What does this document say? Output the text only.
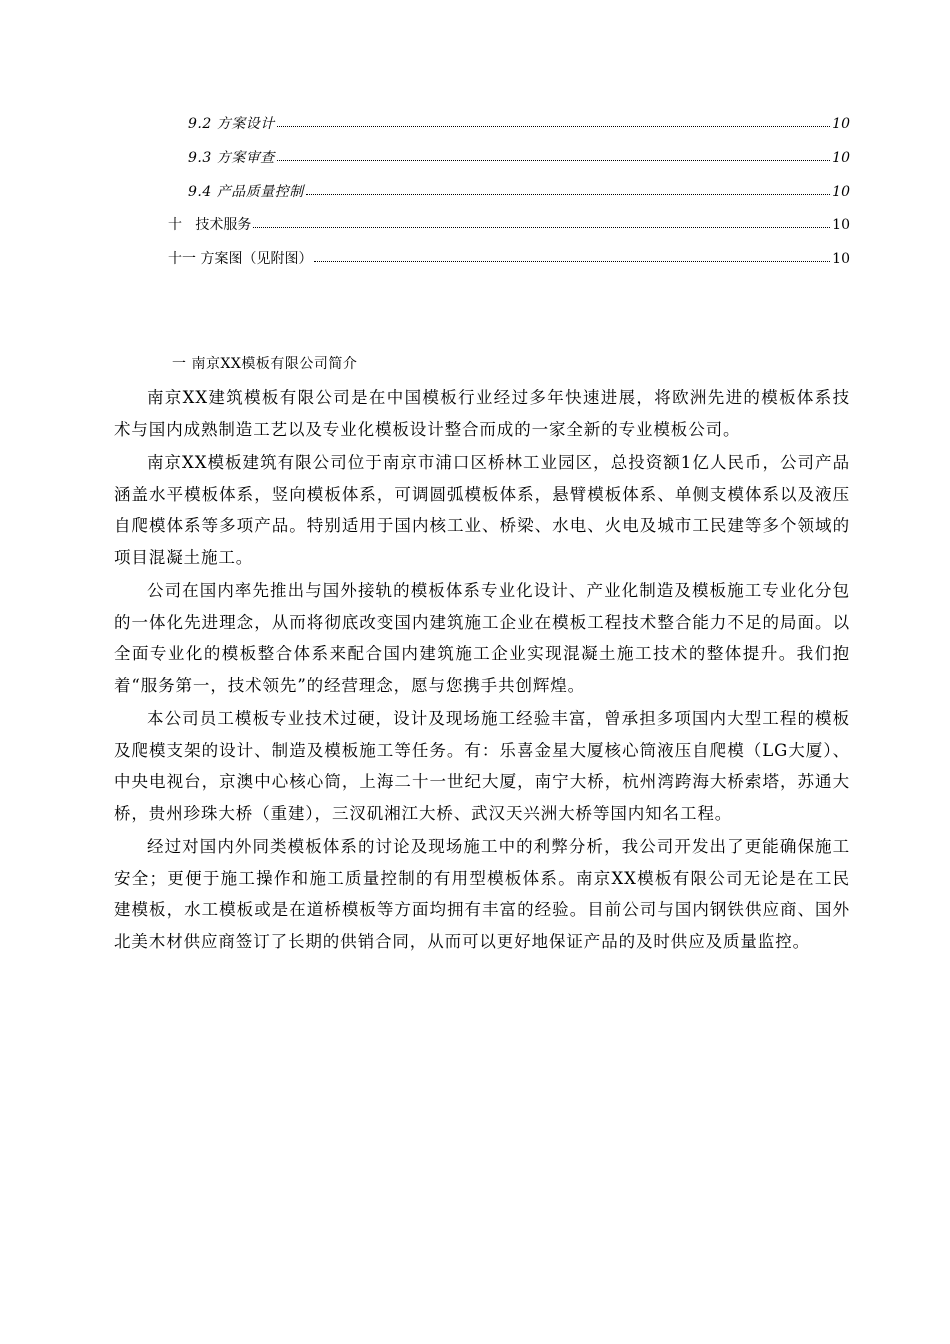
9.2 方案设计	10
9.3 方案审查	10
9.4 产品质量控制	10
十   技术服务	10
十一 方案图（见附图）	10
一 南京XX模板有限公司简介

南京XX建筑模板有限公司是在中国模板行业经过多年快速进展，将欧洲先进的模板体系技术与国内成熟制造工艺以及专业化模板设计整合而成的一家全新的专业模板公司。

南京XX模板建筑有限公司位于南京市浦口区桥林工业园区，总投资额1亿人民币，公司产品涵盖水平模板体系，竖向模板体系，可调圆弧模板体系，悬臂模板体系、单侧支模体系以及液压自爬模体系等多项产品。特别适用于国内核工业、桥梁、水电、火电及城市工民建等多个领域的项目混凝土施工。

公司在国内率先推出与国外接轨的模板体系专业化设计、产业化制造及模板施工专业化分包的一体化先进理念，从而将彻底改变国内建筑施工企业在模板工程技术整合能力不足的局面。以全面专业化的模板整合体系来配合国内建筑施工企业实现混凝土施工技术的整体提升。我们抱着“服务第一，技术领先”的经营理念，愿与您携手共创辉煌。

本公司员工模板专业技术过硬，设计及现场施工经验丰富，曾承担多项国内大型工程的模板及爬模支架的设计、制造及模板施工等任务。有：乐喜金星大厦核心筒液压自爬模（LG大厦）、中央电视台，京澳中心核心筒，上海二十一世纪大厦，南宁大桥，杭州湾跨海大桥索塔，苏通大桥，贵州珍珠大桥（重建），三汊矶湘江大桥、武汉天兴洲大桥等国内知名工程。

经过对国内外同类模板体系的讨论及现场施工中的利弊分析，我公司开发出了更能确保施工安全；更便于施工操作和施工质量控制的有用型模板体系。南京XX模板有限公司无论是在工民建模板，水工模板或是在道桥模板等方面均拥有丰富的经验。目前公司与国内钢铁供应商、国外北美木材供应商签订了长期的供销合同，从而可以更好地保证产品的及时供应及质量监控。
